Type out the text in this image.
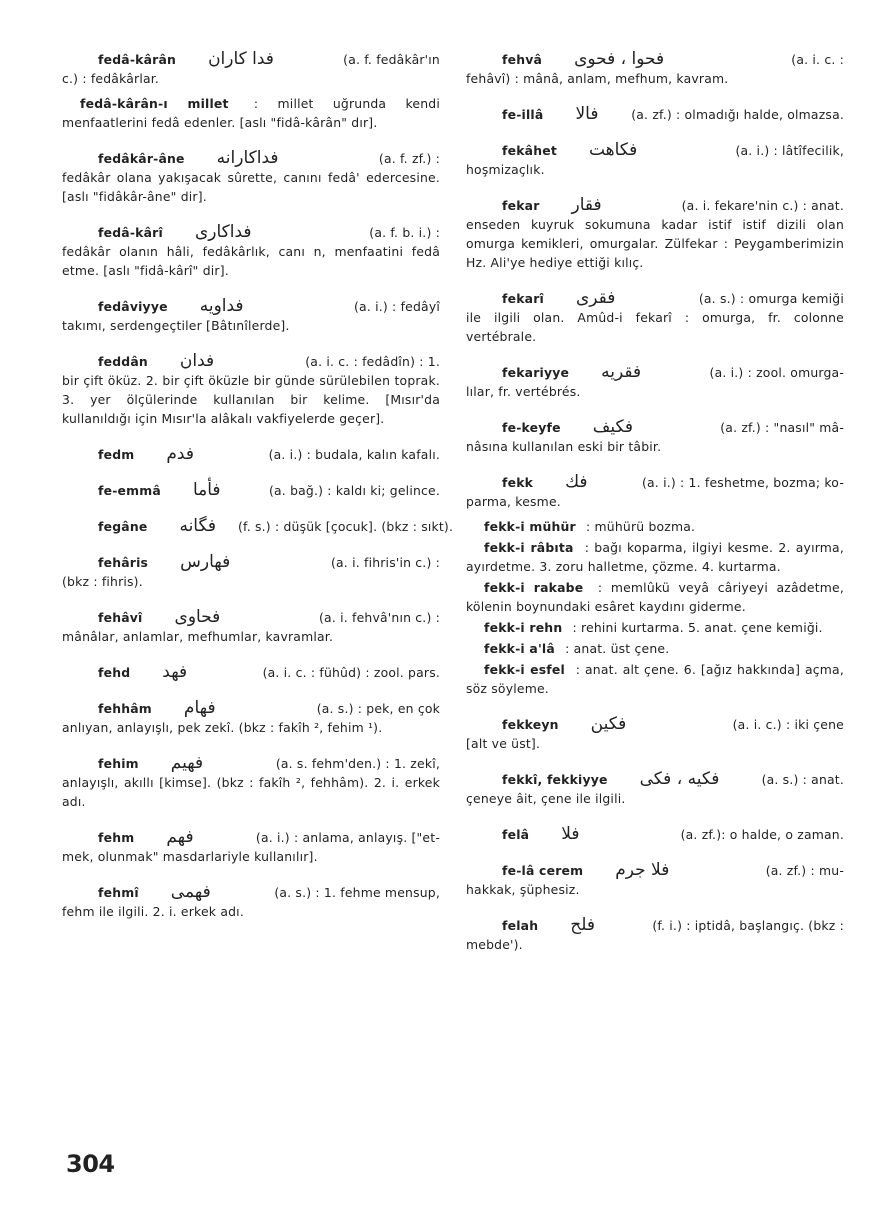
fedâ-kârân فدا كاران	(a. f. fedâkâr'ın
c.) : fedâkârlar.
fedâ-kârân-ı millet : millet uğrunda kendi menfaatlerini fedâ edenler. [aslı "fidâ-kârân" dır].
fedâkâr-âne فداكارانه	(a. f. zf.) :
fedâkâr olana yakışacak sûrette, canını fedâ' edercesine. [aslı "fidâkâr-âne" dir].
fedâ-kârî فداكارى	(a. f. b. i.) :
fedâkâr olanın hâli, fedâkârlık, canı n, menfaatini fedâ etme. [aslı "fidâ-kârî" dir].
fedâviyye فداويه	(a. i.) : fedâyî
takımı, serdengeçtiler [Bâtınîlerde].
feddân فدان	(a. i. c. : fedâdîn) : 1.
bir çift öküz. 2. bir çift öküzle bir günde sürülebilen toprak. 3. yer ölçülerinde kullanılan bir kelime. [Mısır'da kullanıldığı için Mısır'la alâkalı vakfiyelerde geçer].
fedm فدم	(a. i.) : budala, kalın kafalı.
fe-emmâ فأما	(a. bağ.) : kaldı ki; gelince.
fegâne فگانه (f. s.) : düşük [çocuk]. (bkz : sıkt).
fehâris فهارس	(a. i. fihris'in c.) :
(bkz : fihris).
fehâvî فحاوى	(a. i. fehvâ'nın c.) :
mânâlar, anlamlar, mefhumlar, kavramlar.
fehd فهد	(a. i. c. : fühûd) : zool. pars.
fehhâm فهام	(a. s.) : pek, en çok
anlıyan, anlayışlı, pek zekî. (bkz : fakîh ², fehim ¹).
fehim فهيم	(a. s. fehm'den.) : 1. zekî,
anlayışlı, akıllı [kimse]. (bkz : fakîh ², fehhâm). 2. i. erkek adı.
fehm فهم	(a. i.) : anlama, anlayış. ["et-
mek, olunmak" masdarlariyle kullanılır].
fehmî فهمى	(a. s.) : 1. fehme mensup,
fehm ile ilgili. 2. i. erkek adı.
fehvâ فحوا ، فحوى	(a. i. c. :
fehâvî) : mânâ, anlam, mefhum, kavram.
fe-illâ فالا	(a. zf.) : olmadığı halde, olmazsa.
fekâhet فكاهت	(a. i.) : lâtîfecilik,
hoşmizaçlık.
fekar فقار	(a. i. fekare'nin c.) : anat.
enseden kuyruk sokumuna kadar istif istif dizili olan omurga kemikleri, omurgalar. Zülfekar : Peygamberimizin Hz. Ali'ye hediye ettiği kılıç.
fekarî فقرى	(a. s.) : omurga kemiği
ile ilgili olan. Amûd-i fekarî : omurga, fr. colonne vertébrale.
fekariyye فقريه	(a. i.) : zool. omurga-
lılar, fr. vertébrés.
fe-keyfe فكيف	(a. zf.) : "nasıl" mâ-
nâsına kullanılan eski bir tâbir.
fekk فك	(a. i.) : 1. feshetme, bozma; ko-
parma, kesme.
fekk-i mühür : mühürü bozma.
fekk-i râbıta : bağı koparma, ilgiyi kesme. 2. ayırma, ayırdetme. 3. zoru halletme, çözme. 4. kurtarma.
fekk-i rakabe : memlûkü veyâ câriyeyi azâdetme, kölenin boynundaki esâret kaydını giderme.
fekk-i rehn : rehini kurtarma. 5. anat. çene kemiği.
fekk-i a'lâ : anat. üst çene.
fekk-i esfel : anat. alt çene. 6. [ağız hakkında] açma, söz söyleme.
fekkeyn فكين	(a. i. c.) : iki çene
[alt ve üst].
fekkî, fekkiyye فكيه ، فكى	(a. s.) : anat.
çeneye âit, çene ile ilgili.
felâ فلا	(a. zf.): o halde, o zaman.
fe-lâ cerem فلا جرم	(a. zf.) : mu-
hakkak, şüphesiz.
felah فلح	(f. i.) : iptidâ, başlangıç. (bkz :
mebde').
304
